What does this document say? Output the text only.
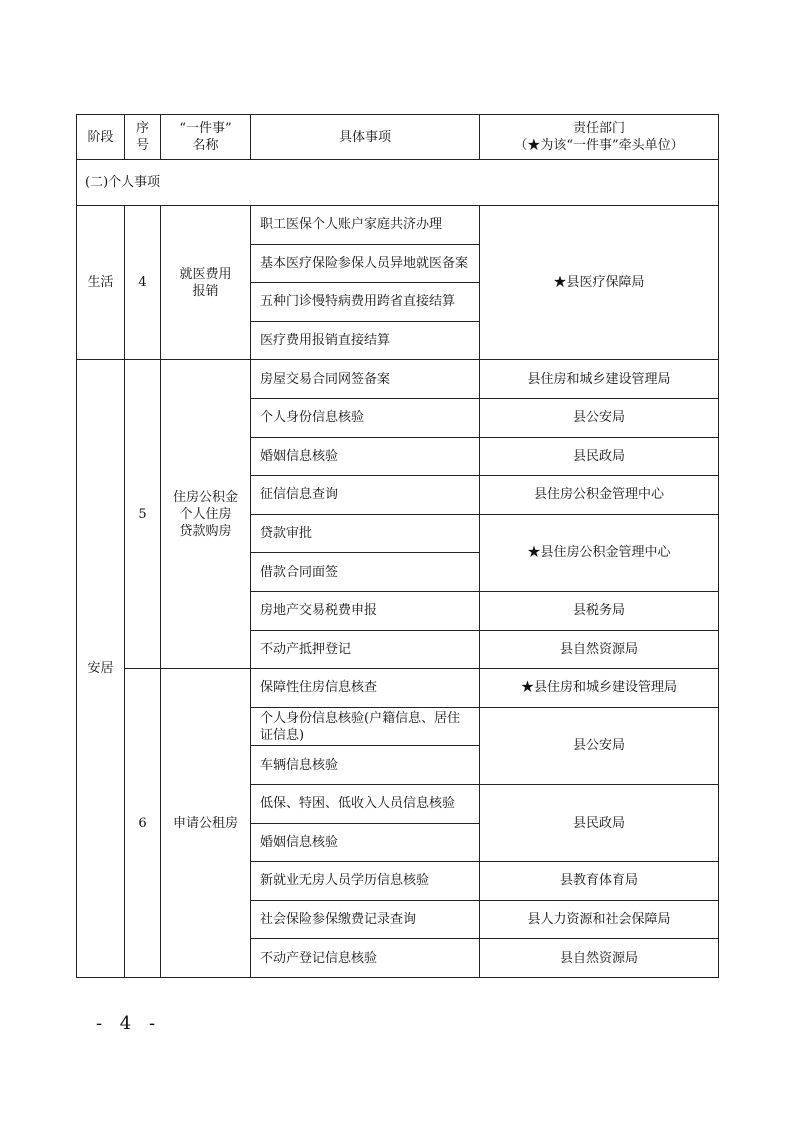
阶段	序
号	“一件事”
名称	具体事项	责任部门
（★为该“一件事”牵头单位）
(二)个人事项				
生活	4	就医费用
报销	职工医保个人账户家庭共济办理	★县医疗保障局
			基本医疗保险参保人员异地就医备案	
			五种门诊慢特病费用跨省直接结算	
			医疗费用报销直接结算	
安居	5	住房公积金
个人住房
贷款购房	房屋交易合同网签备案	县住房和城乡建设管理局
			个人身份信息核验	县公安局
			婚姻信息核验	县民政局
			征信信息查询	县住房公积金管理中心
			贷款审批	★县住房公积金管理中心
			借款合同面签	
			房地产交易税费申报	县税务局
			不动产抵押登记	县自然资源局
	6	申请公租房	保障性住房信息核查	★县住房和城乡建设管理局
			个人身份信息核验(户籍信息、居住证信息)	县公安局
			车辆信息核验	
			低保、特困、低收入人员信息核验	县民政局
			婚姻信息核验	
			新就业无房人员学历信息核验	县教育体育局
			社会保险参保缴费记录查询	县人力资源和社会保障局
			不动产登记信息核验	县自然资源局
- 4 -
